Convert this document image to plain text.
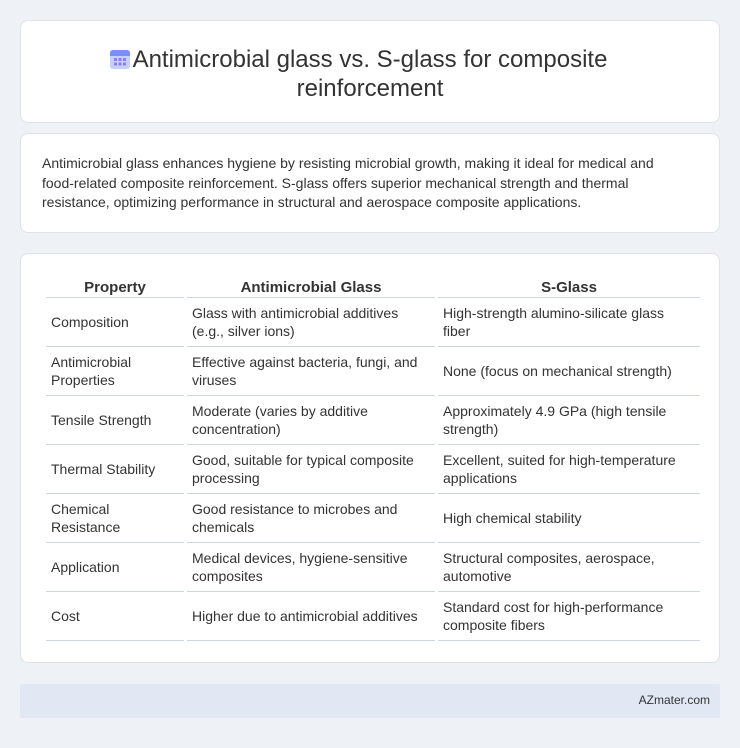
Antimicrobial glass vs. S-glass for composite
reinforcement

Antimicrobial glass enhances hygiene by resisting microbial growth, making it ideal for medical and food-related composite reinforcement. S-glass offers superior mechanical strength and thermal resistance, optimizing performance in structural and aerospace composite applications.

Property	Antimicrobial Glass	S-Glass
Composition	Glass with antimicrobial additives (e.g., silver ions)	High-strength alumino-silicate glass fiber
Antimicrobial Properties	Effective against bacteria, fungi, and viruses	None (focus on mechanical strength)
Tensile Strength	Moderate (varies by additive concentration)	Approximately 4.9 GPa (high tensile strength)
Thermal Stability	Good, suitable for typical composite processing	Excellent, suited for high-temperature applications
Chemical Resistance	Good resistance to microbes and chemicals	High chemical stability
Application	Medical devices, hygiene-sensitive composites	Structural composites, aerospace, automotive
Cost	Higher due to antimicrobial additives	Standard cost for high-performance composite fibers
AZmater.com
